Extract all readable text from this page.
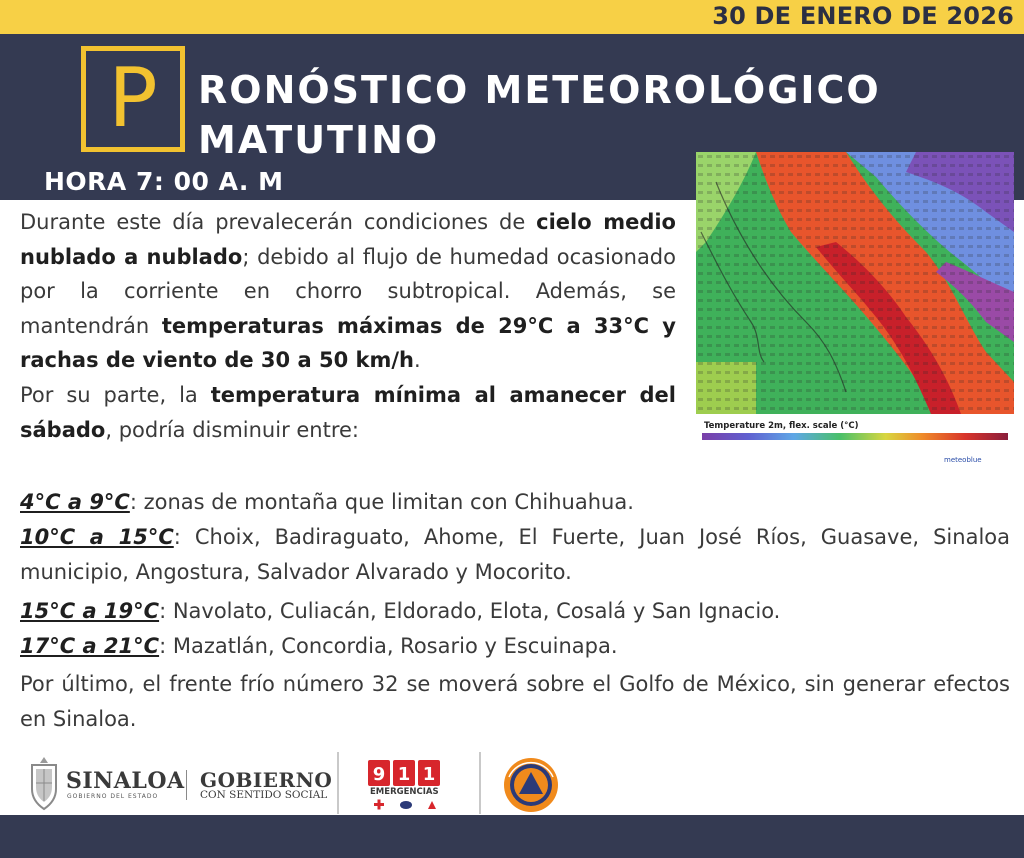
30 DE ENERO DE 2026
P	RONÓSTICO METEOROLÓGICO
MATUTINO
HORA 7: 00 A. M
Temperature 2m, flex. scale (°C)
meteoblue

Durante este día prevalecerán condiciones de cielo medio nublado a nublado; debido al flujo de humedad ocasionado por la corriente en chorro subtropical. Además, se mantendrán temperaturas máximas de 29°C a 33°C y rachas de viento de 30 a 50 km/h.

Por su parte, la temperatura mínima al amanecer del sábado, podría disminuir entre:

4°C a 9°C: zonas de montaña que limitan con Chihuahua.
10°C a 15°C: Choix, Badiraguato, Ahome, El Fuerte, Juan José Ríos, Guasave, Sinaloa municipio, Angostura, Salvador Alvarado y Mocorito.
15°C a 19°C: Navolato, Culiacán, Eldorado, Elota, Cosalá y San Ignacio.
17°C a 21°C: Mazatlán, Concordia, Rosario y Escuinapa.
Por último, el frente frío número 32 se moverá sobre el Golfo de México, sin generar efectos en Sinaloa.
SINALOA
GOBIERNO DEL ESTADO
GOBIERNO
CON SENTIDO SOCIAL
9 1 1
EMERGENCIAS
